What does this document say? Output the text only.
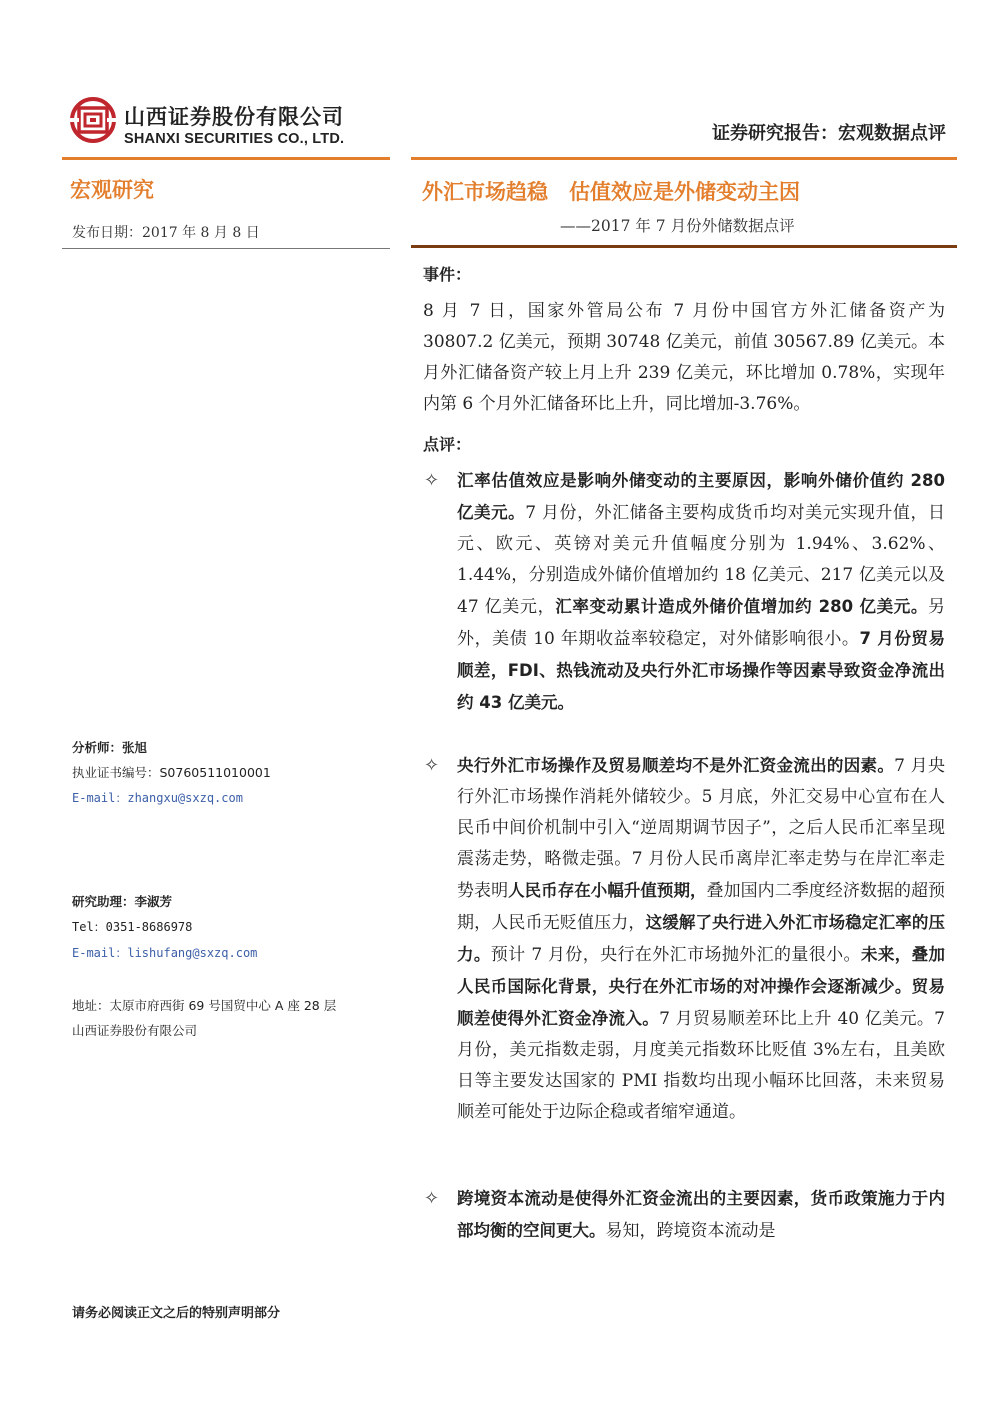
山西证券股份有限公司
SHANXI SECURITIES CO., LTD.	证券研究报告：宏观数据点评
宏观研究
发布日期：2017 年 8 月 8 日
分析师：张旭
执业证书编号：S0760511010001
E-mail：zhangxu@sxzq.com
研究助理：李淑芳
Tel：0351-8686978
E-mail：lishufang@sxzq.com
地址：太原市府西街 69 号国贸中心 A 座 28 层
山西证券股份有限公司
外汇市场趋稳　估值效应是外储变动主因
——2017 年 7 月份外储数据点评
事件：
8 月 7 日，国家外管局公布 7 月份中国官方外汇储备资产为 30807.2 亿美元，预期 30748 亿美元，前值 30567.89 亿美元。本月外汇储备资产较上月上升 239 亿美元，环比增加 0.78%，实现年内第 6 个月外汇储备环比上升，同比增加-3.76%。
点评：
✧ 汇率估值效应是影响外储变动的主要原因，影响外储价值约 280 亿美元。7 月份，外汇储备主要构成货币均对美元实现升值，日元、欧元、英镑对美元升值幅度分别为 1.94%、3.62%、1.44%，分别造成外储价值增加约 18 亿美元、217 亿美元以及 47 亿美元，汇率变动累计造成外储价值增加约 280 亿美元。另外，美债 10 年期收益率较稳定，对外储影响很小。7 月份贸易顺差，FDI、热钱流动及央行外汇市场操作等因素导致资金净流出约 43 亿美元。
✧ 央行外汇市场操作及贸易顺差均不是外汇资金流出的因素。7 月央行外汇市场操作消耗外储较少。5 月底，外汇交易中心宣布在人民币中间价机制中引入“逆周期调节因子”，之后人民币汇率呈现震荡走势，略微走强。7 月份人民币离岸汇率走势与在岸汇率走势表明人民币存在小幅升值预期，叠加国内二季度经济数据的超预期，人民币无贬值压力，这缓解了央行进入外汇市场稳定汇率的压力。预计 7 月份，央行在外汇市场抛外汇的量很小。未来，叠加人民币国际化背景，央行在外汇市场的对冲操作会逐渐减少。贸易顺差使得外汇资金净流入。7 月贸易顺差环比上升 40 亿美元。7 月份，美元指数走弱，月度美元指数环比贬值 3%左右，且美欧日等主要发达国家的 PMI 指数均出现小幅环比回落，未来贸易顺差可能处于边际企稳或者缩窄通道。
✧ 跨境资本流动是使得外汇资金流出的主要因素，货币政策施力于内部均衡的空间更大。易知，跨境资本流动是
请务必阅读正文之后的特别声明部分
